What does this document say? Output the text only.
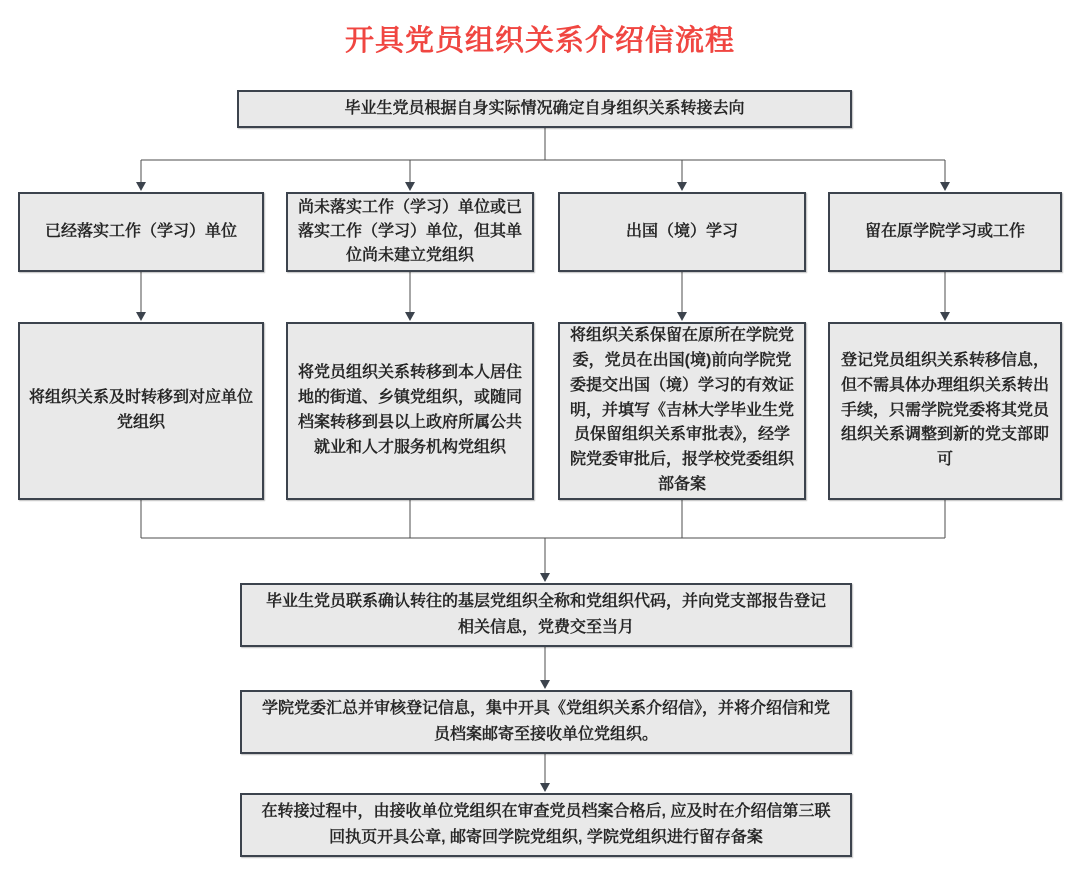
开具党员组织关系介绍信流程
毕业生党员根据自身实际情况确定自身组织关系转接去向
已经落实工作（学习）单位
尚未落实工作（学习）单位或已落实工作（学习）单位，但其单位尚未建立党组织
出国（境）学习	留在原学院学习或工作
将组织关系及时转移到对应单位党组织
将党员组织关系转移到本人居住地的街道、乡镇党组织，或随同档案转移到县以上政府所属公共就业和人才服务机构党组织
将组织关系保留在原所在学院党委，党员在出国(境)前向学院党委提交出国（境）学习的有效证明，并填写《吉林大学毕业生党员保留组织关系审批表》，经学院党委审批后，报学校党委组织部备案
登记党员组织关系转移信息，但不需具体办理组织关系转出手续，只需学院党委将其党员组织关系调整到新的党支部即可
毕业生党员联系确认转往的基层党组织全称和党组织代码，并向党支部报告登记相关信息，党费交至当月
学院党委汇总并审核登记信息，集中开具《党组织关系介绍信》，并将介绍信和党员档案邮寄至接收单位党组织。
在转接过程中，由接收单位党组织在审查党员档案合格后, 应及时在介绍信第三联回执页开具公章, 邮寄回学院党组织, 学院党组织进行留存备案
